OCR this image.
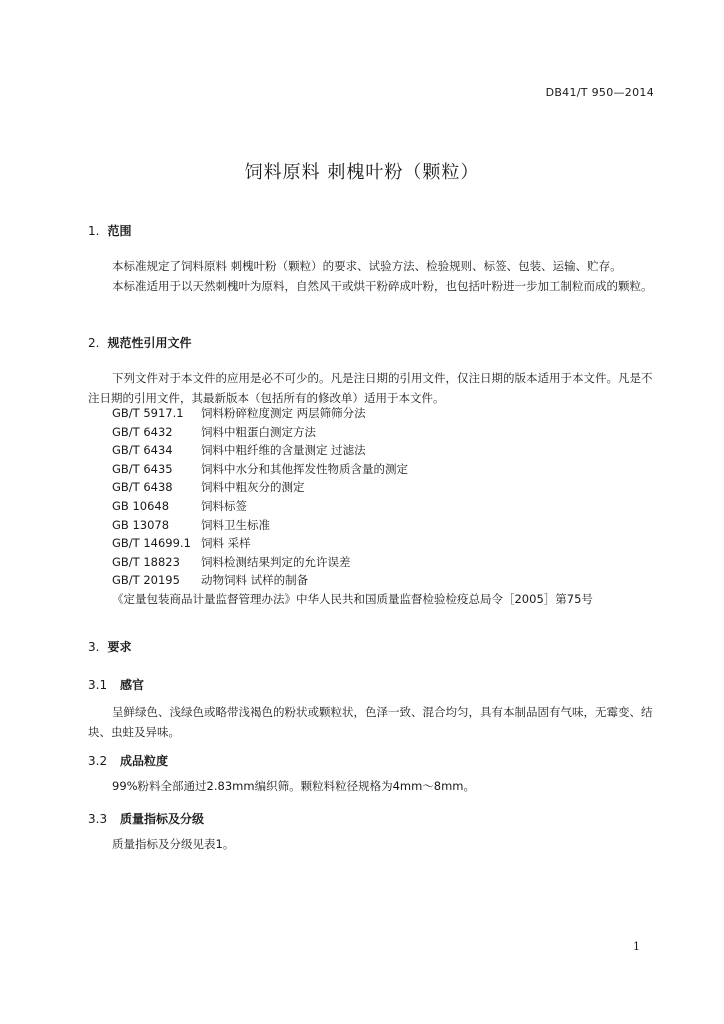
DB41/T 950—2014
饲料原料 刺槐叶粉（颗粒）
1. 范围
本标准规定了饲料原料 刺槐叶粉（颗粒）的要求、试验方法、检验规则、标签、包装、运输、贮存。
本标准适用于以天然刺槐叶为原料，自然风干或烘干粉碎成叶粉，也包括叶粉进一步加工制粒而成的颗粒。
2. 规范性引用文件
下列文件对于本文件的应用是必不可少的。凡是注日期的引用文件，仅注日期的版本适用于本文件。凡是不注日期的引用文件，其最新版本（包括所有的修改单）适用于本文件。
GB/T 5917.1 饲料粉碎粒度测定 两层筛筛分法
GB/T 6432 饲料中粗蛋白测定方法
GB/T 6434 饲料中粗纤维的含量测定 过滤法
GB/T 6435 饲料中水分和其他挥发性物质含量的测定
GB/T 6438 饲料中粗灰分的测定
GB 10648	饲料标签
GB 13078	饲料卫生标准
GB/T 14699.1 饲料 采样
GB/T 18823 饲料检测结果判定的允许误差
GB/T 20195 动物饲料 试样的制备
《定量包装商品计量监督管理办法》中华人民共和国质量监督检验检疫总局令［2005］第75号
3. 要求
3.1 感官
呈鲜绿色、浅绿色或略带浅褐色的粉状或颗粒状，色泽一致、混合均匀，具有本制品固有气味，无霉变、结块、虫蛀及异味。
3.2 成品粒度
99%粉料全部通过2.83mm编织筛。颗粒料粒径规格为4mm～8mm。
3.3 质量指标及分级
质量指标及分级见表1。
1
